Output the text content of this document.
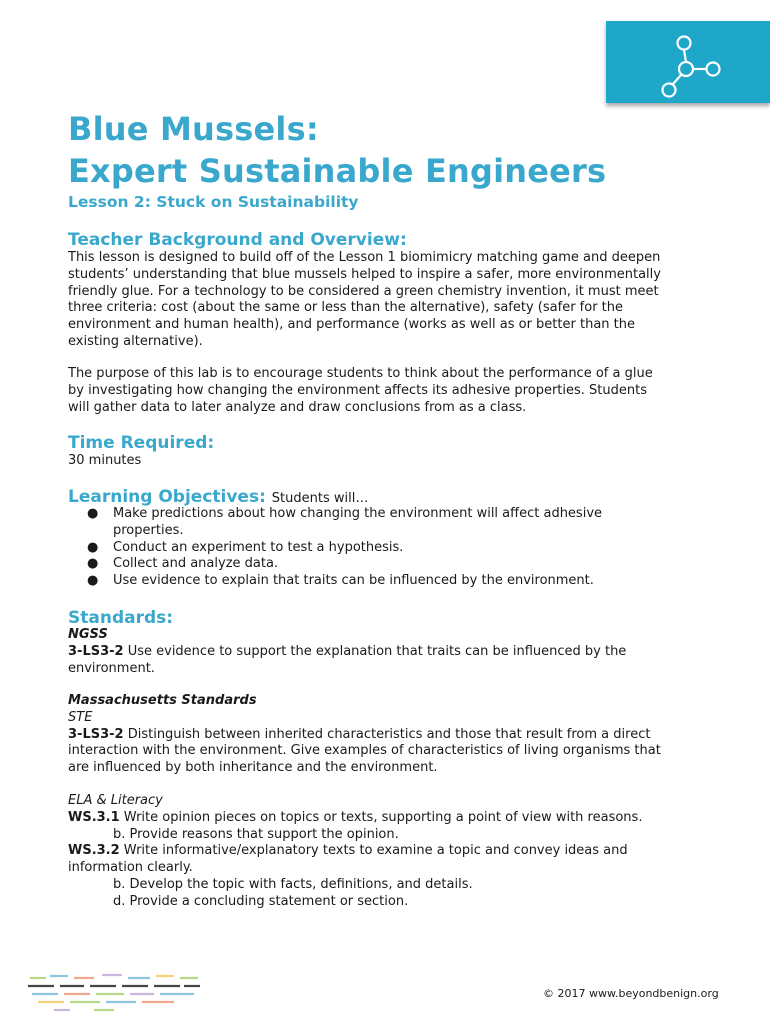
Blue Mussels:
Expert Sustainable Engineers
Lesson 2: Stuck on Sustainability
Teacher Background and Overview:

This lesson is designed to build off of the Lesson 1 biomimicry matching game and deepen students’ understanding that blue mussels helped to inspire a safer, more environmentally friendly glue. For a technology to be considered a green chemistry invention, it must meet three criteria: cost (about the same or less than the alternative), safety (safer for the environment and human health), and performance (works as well as or better than the existing alternative).

The purpose of this lab is to encourage students to think about the performance of a glue by investigating how changing the environment affects its adhesive properties. Students will gather data to later analyze and draw conclusions from as a class.

Time Required:

30 minutes

Learning Objectives: Students will…
● Make predictions about how changing the environment will affect adhesive properties.
● Conduct an experiment to test a hypothesis.
● Collect and analyze data.
● Use evidence to explain that traits can be influenced by the environment.
Standards:

NGSS

3-LS3-2 Use evidence to support the explanation that traits can be influenced by the environment.

Massachusetts Standards

STE

3-LS3-2 Distinguish between inherited characteristics and those that result from a direct interaction with the environment. Give examples of characteristics of living organisms that are influenced by both inheritance and the environment.

ELA & Literacy

WS.3.1 Write opinion pieces on topics or texts, supporting a point of view with reasons.

b. Provide reasons that support the opinion.

WS.3.2 Write informative/explanatory texts to examine a topic and convey ideas and information clearly.

b. Develop the topic with facts, definitions, and details.

d. Provide a concluding statement or section.

© 2017 www.beyondbenign.org
